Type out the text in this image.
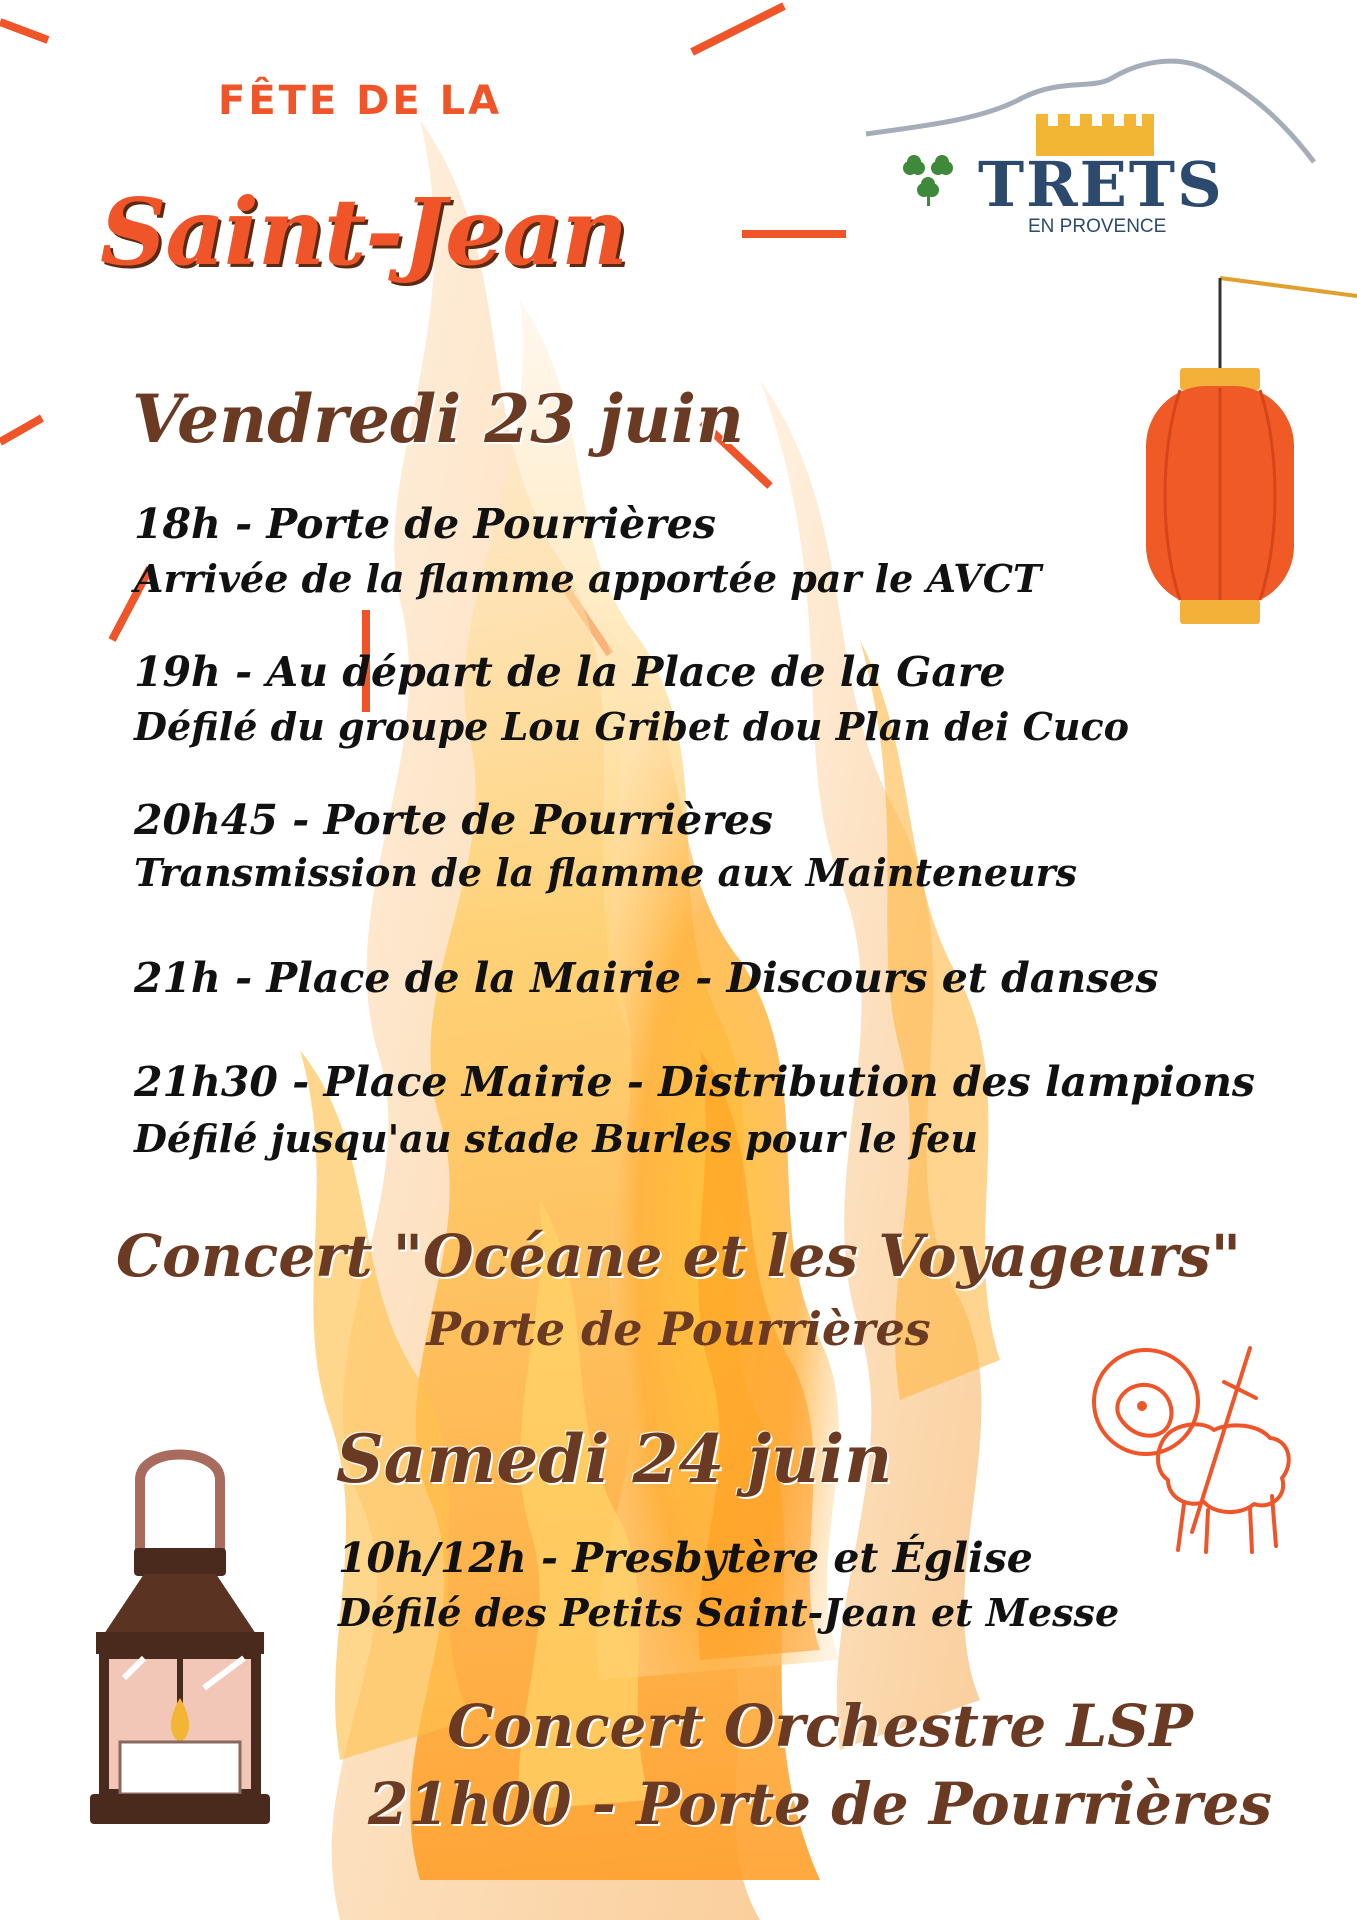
FÊTE DE LA
Saint-Jean	TRETS
EN PROVENCE
Vendredi 23 juin
18h - Porte de Pourrières
Arrivée de la flamme apportée par le AVCT
19h - Au départ de la Place de la Gare
Défilé du groupe Lou Gribet dou Plan dei Cuco
20h45 - Porte de Pourrières
Transmission de la flamme aux Mainteneurs
21h - Place de la Mairie - Discours et danses
21h30 - Place Mairie - Distribution des lampions
Défilé jusqu'au stade Burles pour le feu
Concert "Océane et les Voyageurs"
Porte de Pourrières
Samedi 24 juin
10h/12h - Presbytère et Église
Défilé des Petits Saint-Jean et Messe
Concert Orchestre LSP
21h00 - Porte de Pourrières
